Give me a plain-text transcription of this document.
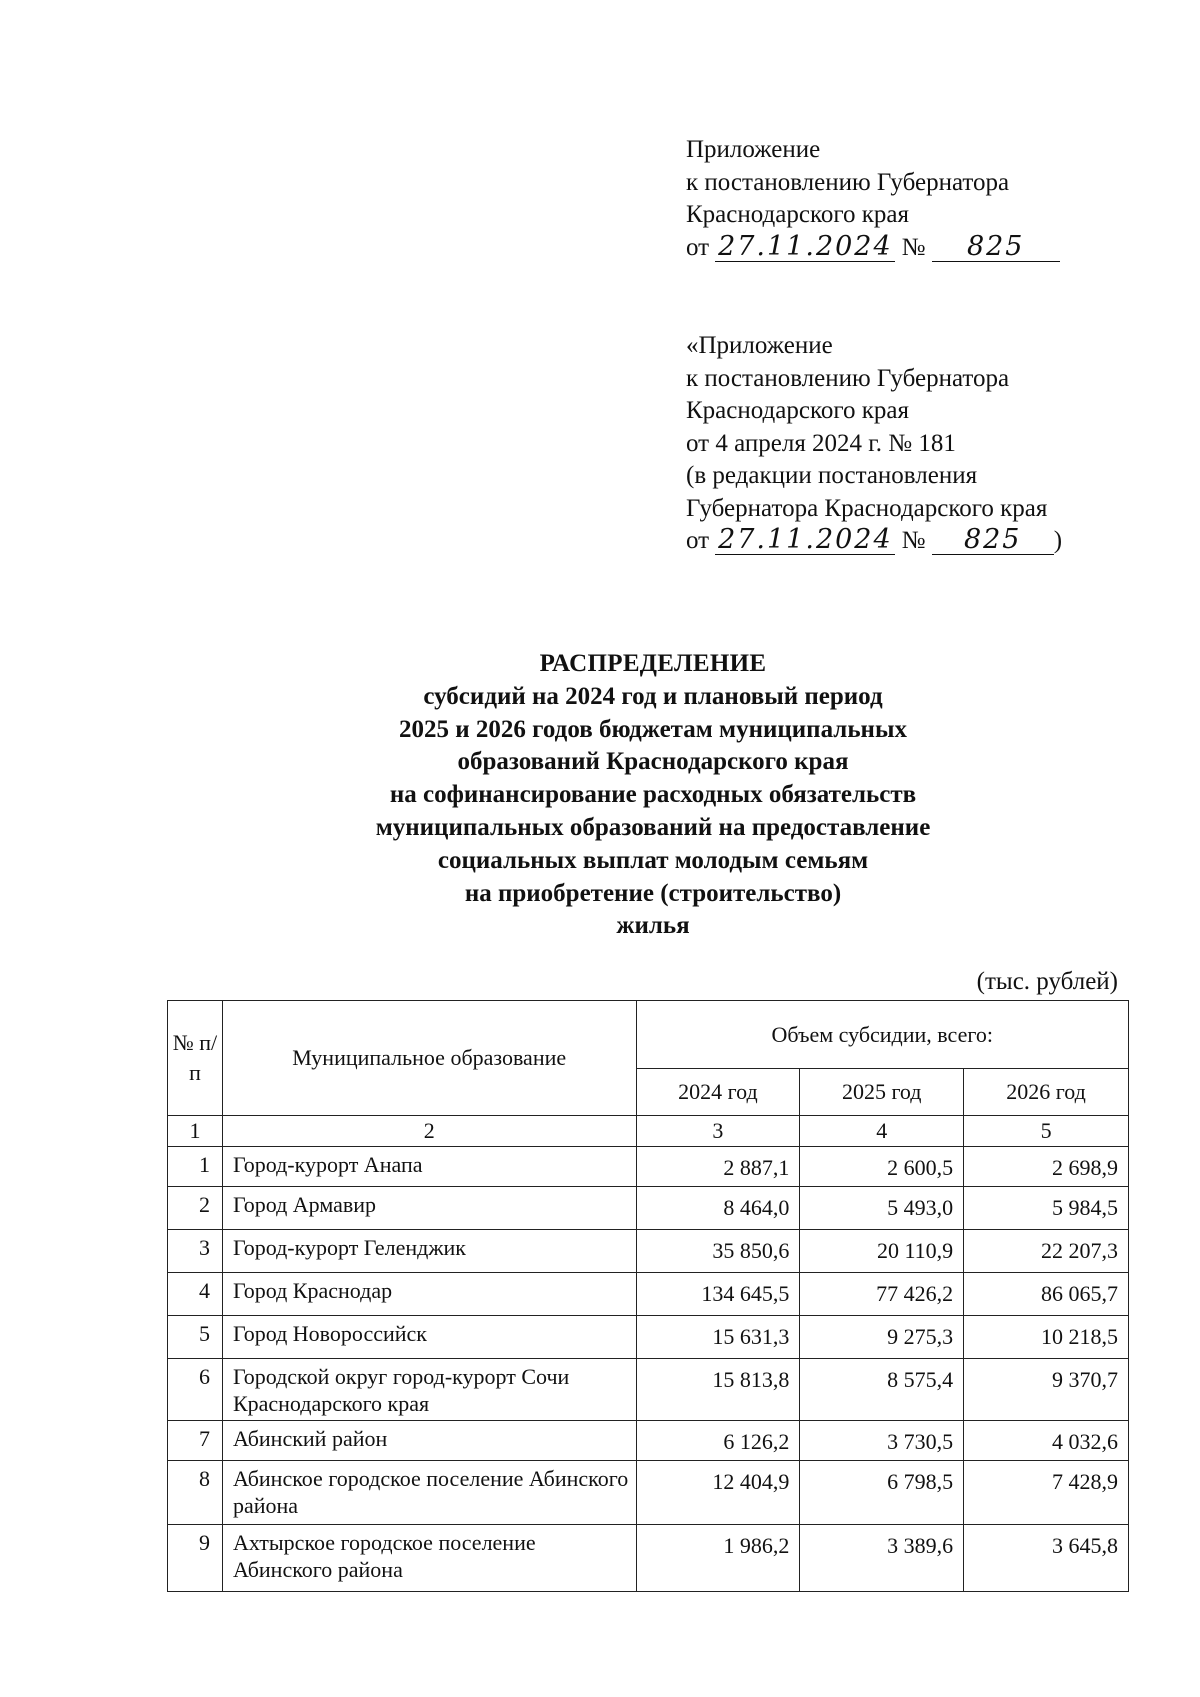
Приложение
к постановлению Губернатора
Краснодарского края
от 27.11.2024 № 825
«Приложение
к постановлению Губернатора
Краснодарского края
от 4 апреля 2024 г. № 181
(в редакции постановления
Губернатора Краснодарского края
от 27.11.2024 № 825 )
РАСПРЕДЕЛЕНИЕ
субсидий на 2024 год и плановый период
2025 и 2026 годов бюджетам муниципальных
образований Краснодарского края
на софинансирование расходных обязательств
муниципальных образований на предоставление
социальных выплат молодым семьям
на приобретение (строительство)
жилья
(тыс. рублей)
№ п/п	Муниципальное образование	Объем субсидии, всего:		
		2024 год	2025 год	2026 год
1	2	3	4	5
1	Город-курорт Анапа	2 887,1	2 600,5	2 698,9
2	Город Армавир	8 464,0	5 493,0	5 984,5
3	Город-курорт Геленджик	35 850,6	20 110,9	22 207,3
4	Город Краснодар	134 645,5	77 426,2	86 065,7
5	Город Новороссийск	15 631,3	9 275,3	10 218,5
6	Городской округ город-курорт Сочи Краснодарского края	15 813,8	8 575,4	9 370,7
7	Абинский район	6 126,2	3 730,5	4 032,6
8	Абинское городское поселение Абинского района	12 404,9	6 798,5	7 428,9
9	Ахтырское городское поселение Абинского района	1 986,2	3 389,6	3 645,8
